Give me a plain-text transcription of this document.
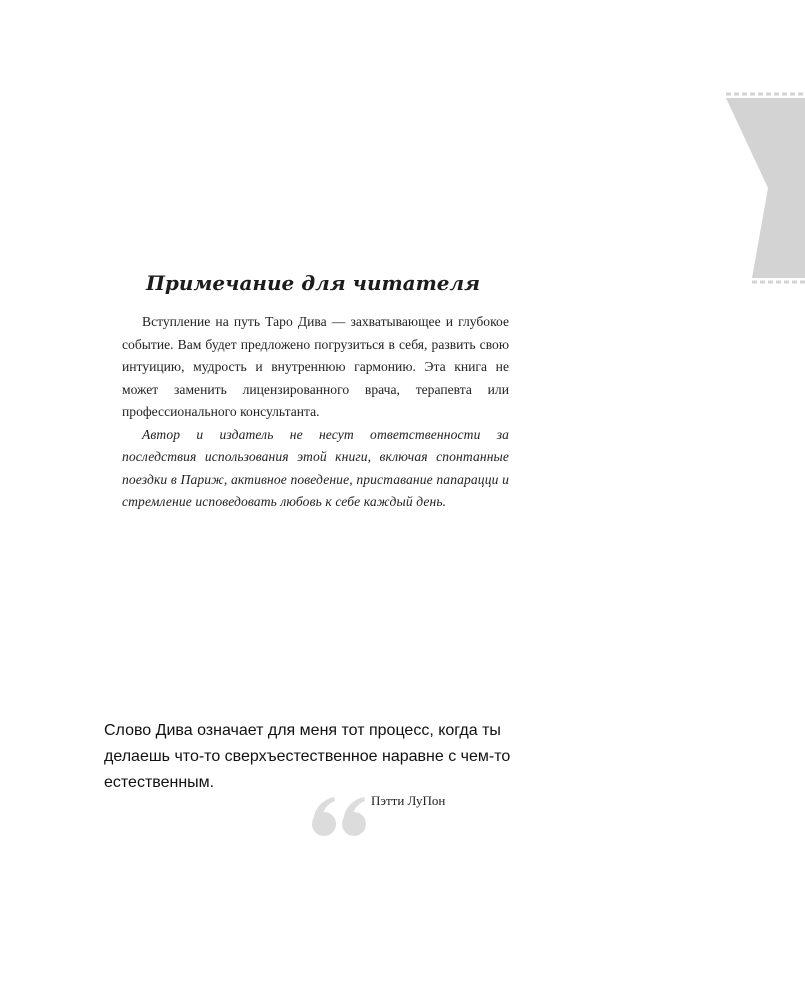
Примечание для читателя

Вступление на путь Таро Дива — захватывающее и глубокое событие. Вам будет предложено погрузиться в себя, развить свою интуицию, мудрость и внутреннюю гармонию. Эта книга не может заменить лицензированного врача, терапевта или профессионального консультанта.

Автор и издатель не несут ответственности за последствия использования этой книги, включая спонтанные поездки в Париж, активное поведение, приставание папарацци и стремление исповедовать любовь к себе каждый день.

Слово Дива означает для меня тот процесс, когда ты делаешь что-то сверхъестественное наравне с чем-то естественным.

Пэтти ЛуПон
